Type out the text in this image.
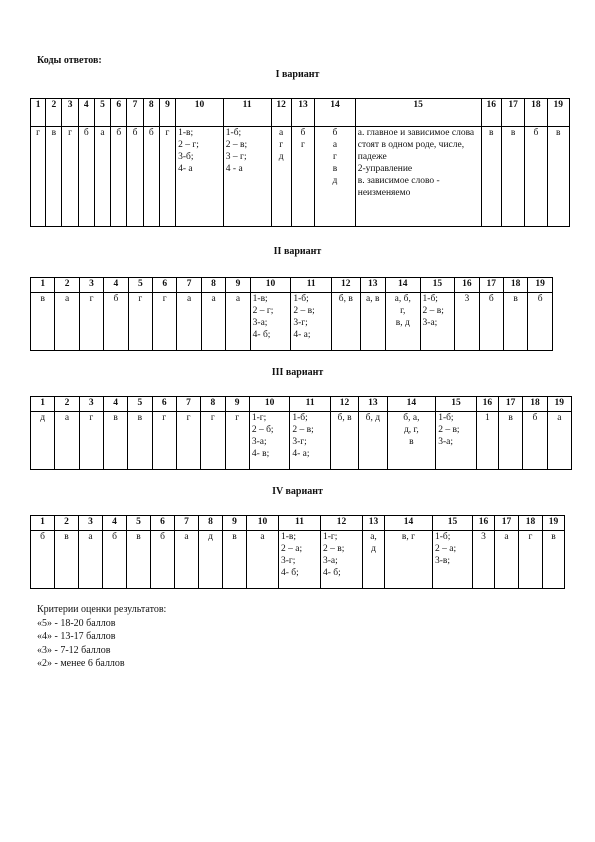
Коды ответов:
I вариант
1	2	3	4	5	6	7	8	9	10	11	12	13	14	15	16	17	18	19
г	в	г	б	а	б	б	б	г	1-в;
2 – г;
3-б;
4- а	1-б;
2 – в;
3 – г;
4 - а	а
г
д	б
г	б
а
г
в
д	а. главное и зависимое слова стоят в одном роде, числе, падеже
2-управление
в. зависимое слово - неизменяемо	в	в	б	в
II вариант
1	2	3	4	5	6	7	8	9	10	11	12	13	14	15	16	17	18	19
в	а	г	б	г	г	а	а	а	1-в;
2 – г;
3-а;
4- б;	1-б;
2 – в;
3-г;
4- а;	б, в	а, в	а, б,
г,
в, д	1-б;
2 – в;
3-а;	3	б	в	б
III вариант
1	2	3	4	5	6	7	8	9	10	11	12	13	14	15	16	17	18	19
д	а	г	в	в	г	г	г	г	1-г;
2 – б;
3-а;
4- в;	1-б;
2 – в;
3-г;
4- а;	б, в	б, д	б, а,
д, г,
в	1-б;
2 – в;
3-а;	1	в	б	а
IV вариант
1	2	3	4	5	6	7	8	9	10	11	12	13	14	15	16	17	18	19
б	в	а	б	в	б	а	д	в	а	1-в;
2 – а;
3-г;
4- б;	1-г;
2 – в;
3-а;
4- б;	а,
д	в, г	1-б;
2 – а;
3-в;	3	а	г	в
Критерии оценки результатов:
«5» - 18-20 баллов
«4» - 13-17 баллов
«3» - 7-12 баллов
«2» - менее 6 баллов
